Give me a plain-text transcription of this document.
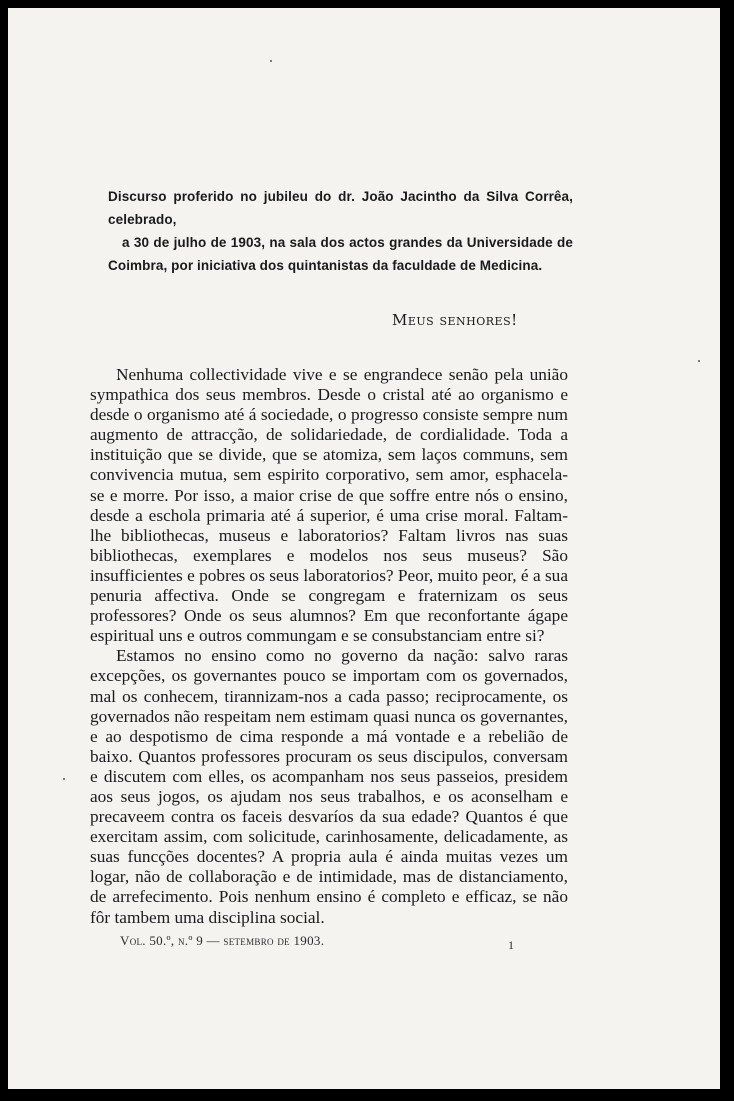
Discurso proferido no jubileu do dr. João Jacintho da Silva Corrêa, celebrado,
a 30 de julho de 1903, na sala dos actos grandes da Universidade de
Coimbra, por iniciativa dos quintanistas da faculdade de Medicina.
Meus senhores!

Nenhuma collectividade vive e se engrandece senão pela união sympathica dos seus membros. Desde o cristal até ao organismo e desde o organismo até á sociedade, o progresso consiste sempre num augmento de attracção, de solidariedade, de cordialidade. Toda a instituição que se divide, que se atomiza, sem laços communs, sem convivencia mutua, sem espirito corporativo, sem amor, esphacela-se e morre. Por isso, a maior crise de que soffre entre nós o ensino, desde a eschola primaria até á superior, é uma crise moral. Faltam-lhe bibliothecas, museus e laboratorios? Faltam livros nas suas bibliothecas, exemplares e modelos nos seus museus? São insufficientes e pobres os seus laboratorios? Peor, muito peor, é a sua penuria affectiva. Onde se congregam e fraternizam os seus professores? Onde os seus alumnos? Em que reconfortante ágape espiritual uns e outros commungam e se consubstanciam entre si?

Estamos no ensino como no governo da nação: salvo raras excepções, os governantes pouco se importam com os governados, mal os conhecem, tirannizam-nos a cada passo; reciprocamente, os governados não respeitam nem estimam quasi nunca os governantes, e ao despotismo de cima responde a má vontade e a rebelião de baixo. Quantos professores procuram os seus discipulos, conversam e discutem com elles, os acompanham nos seus passeios, presidem aos seus jogos, os ajudam nos seus trabalhos, e os aconselham e precaveem contra os faceis desvaríos da sua edade? Quantos é que exercitam assim, com solicitude, carinhosamente, delicadamente, as suas funcções docentes? A propria aula é ainda muitas vezes um logar, não de collaboração e de intimidade, mas de distanciamento, de arrefecimento. Pois nenhum ensino é completo e efficaz, se não fôr tambem uma disciplina social.

Vol. 50.º, n.º 9 — setembro de 1903.	1
